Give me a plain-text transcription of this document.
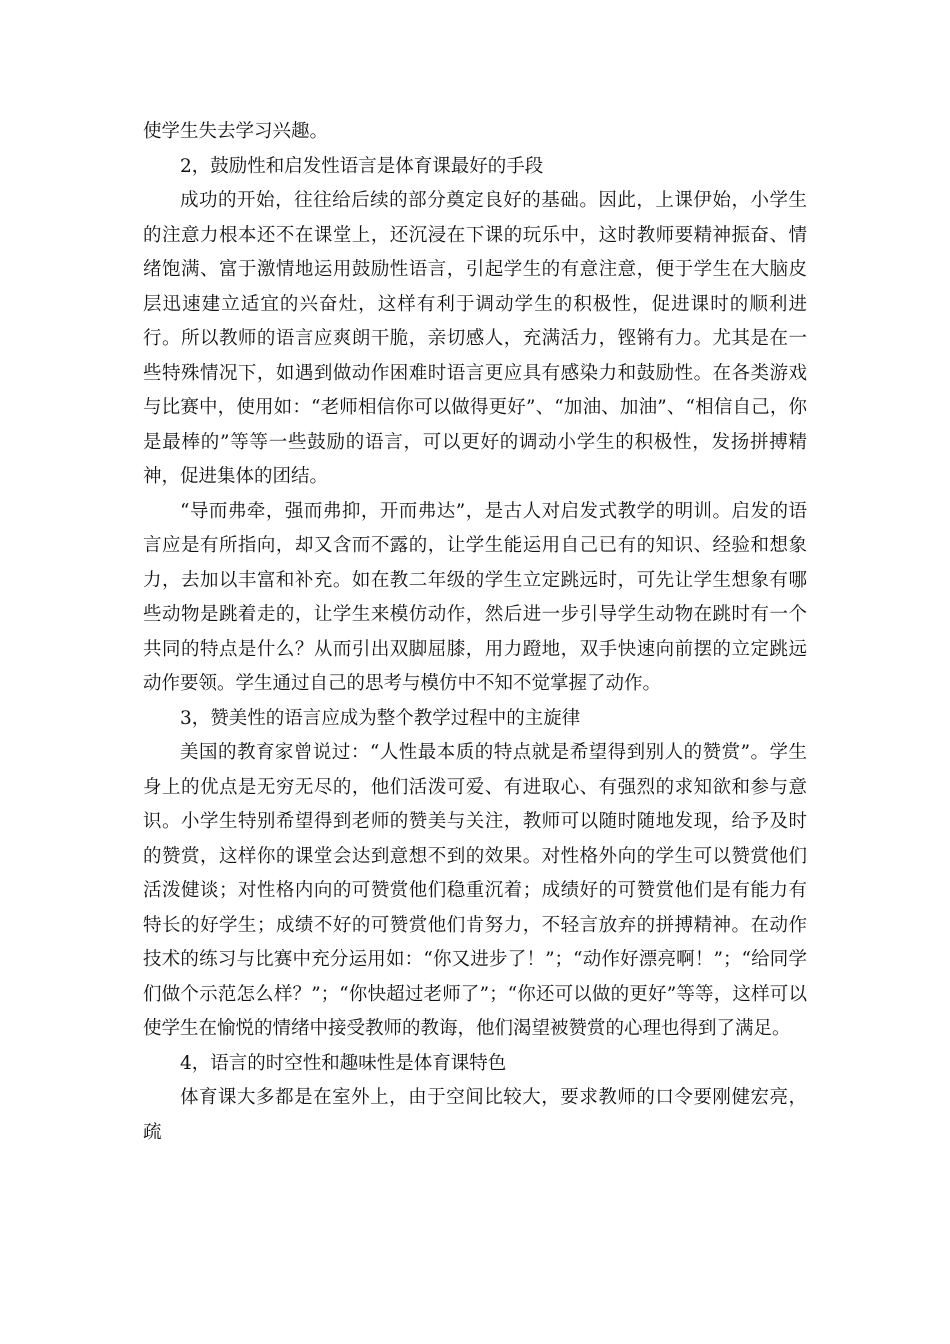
使学生失去学习兴趣。

2，鼓励性和启发性语言是体育课最好的手段

成功的开始，往往给后续的部分奠定良好的基础。因此，上课伊始，小学生的注意力根本还不在课堂上，还沉浸在下课的玩乐中，这时教师要精神振奋、情绪饱满、富于激情地运用鼓励性语言，引起学生的有意注意，便于学生在大脑皮层迅速建立适宜的兴奋灶，这样有利于调动学生的积极性，促进课时的顺利进行。所以教师的语言应爽朗干脆，亲切感人，充满活力，铿锵有力。尤其是在一些特殊情况下，如遇到做动作困难时语言更应具有感染力和鼓励性。在各类游戏与比赛中，使用如：“老师相信你可以做得更好”、“加油、加油”、“相信自己，你是最棒的”等等一些鼓励的语言，可以更好的调动小学生的积极性，发扬拼搏精神，促进集体的团结。

“导而弗牵，强而弗抑，开而弗达”，是古人对启发式教学的明训。启发的语言应是有所指向，却又含而不露的，让学生能运用自己已有的知识、经验和想象力，去加以丰富和补充。如在教二年级的学生立定跳远时，可先让学生想象有哪些动物是跳着走的，让学生来模仿动作，然后进一步引导学生动物在跳时有一个共同的特点是什么？从而引出双脚屈膝，用力蹬地，双手快速向前摆的立定跳远动作要领。学生通过自己的思考与模仿中不知不觉掌握了动作。

3，赞美性的语言应成为整个教学过程中的主旋律

美国的教育家曾说过：“人性最本质的特点就是希望得到别人的赞赏”。学生身上的优点是无穷无尽的，他们活泼可爱、有进取心、有强烈的求知欲和参与意识。小学生特别希望得到老师的赞美与关注，教师可以随时随地发现，给予及时的赞赏，这样你的课堂会达到意想不到的效果。对性格外向的学生可以赞赏他们活泼健谈；对性格内向的可赞赏他们稳重沉着；成绩好的可赞赏他们是有能力有特长的好学生；成绩不好的可赞赏他们肯努力，不轻言放弃的拼搏精神。在动作技术的练习与比赛中充分运用如：“你又进步了！”；“动作好漂亮啊！”；“给同学们做个示范怎么样？”；“你快超过老师了”；“你还可以做的更好”等等，这样可以使学生在愉悦的情绪中接受教师的教诲，他们渴望被赞赏的心理也得到了满足。

4，语言的时空性和趣味性是体育课特色

体育课大多都是在室外上，由于空间比较大，要求教师的口令要刚健宏亮，疏
